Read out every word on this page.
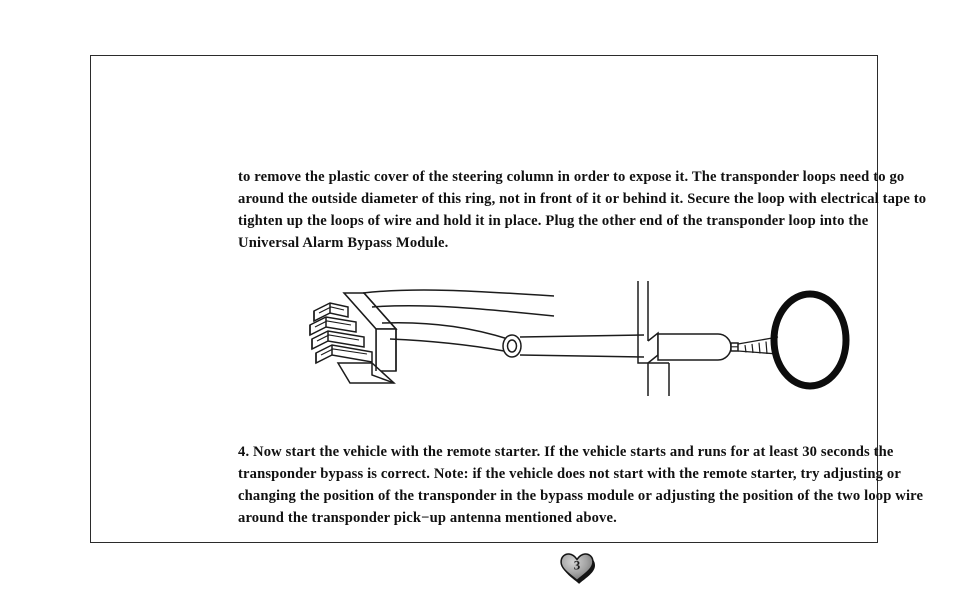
to remove the plastic cover of the steering column in order to expose it. The transponder loops need to go around the outside diameter of this ring, not in front of it or behind it. Secure the loop with electrical tape to tighten up the loops of wire and hold it in place. Plug the other end of the transponder loop into the Universal Alarm Bypass Module.
4. Now start the vehicle with the remote starter. If the vehicle starts and runs for at least 30 seconds the transponder bypass is correct. Note: if the vehicle does not start with the remote starter, try adjusting or changing the position of the transponder in the bypass module or adjusting the position of the two loop wire around the transponder pick−up antenna mentioned above.
3
